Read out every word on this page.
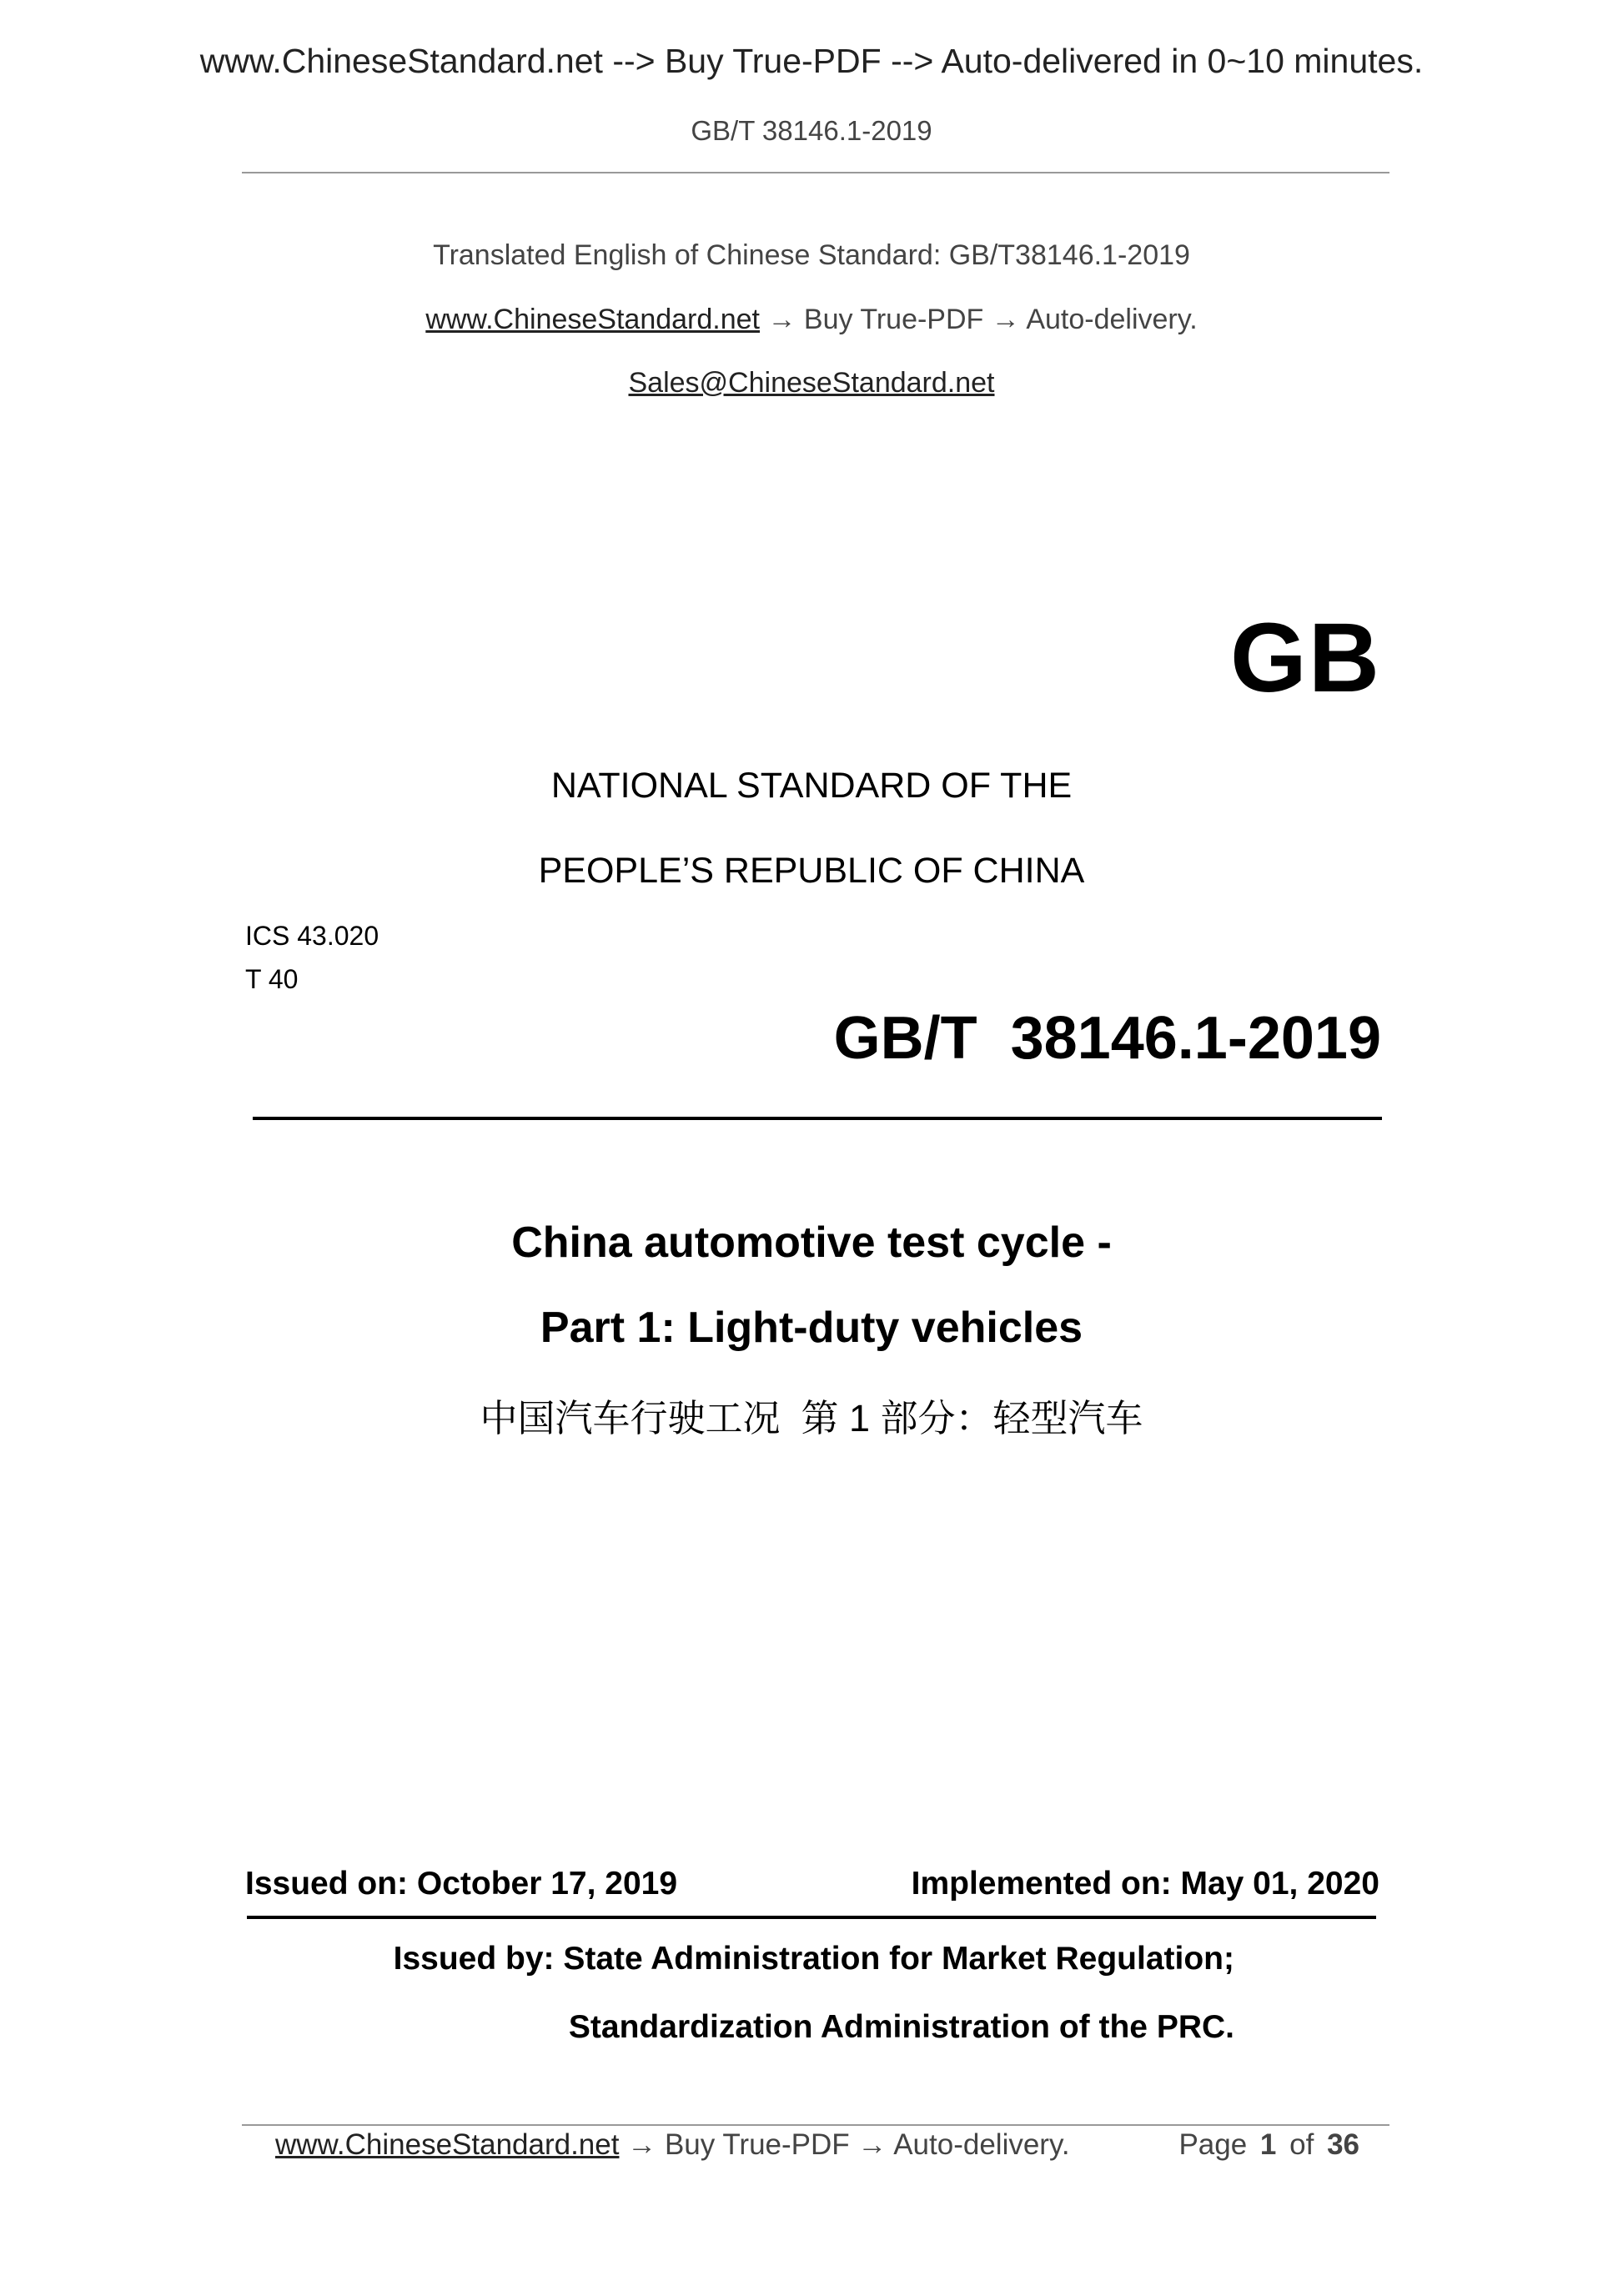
www.ChineseStandard.net --> Buy True-PDF --> Auto-delivered in 0~10 minutes.
GB/T 38146.1-2019
Translated English of Chinese Standard: GB/T38146.1-2019
www.ChineseStandard.net → Buy True-PDF → Auto-delivery.
Sales@ChineseStandard.net
GB
NATIONAL STANDARD OF THE
PEOPLE’S REPUBLIC OF CHINA
ICS 43.020
T 40
GB/T  38146.1-2019
China automotive test cycle -
Part 1: Light-duty vehicles
中国汽车行驶工况  第 1 部分：轻型汽车
Issued on: October 17, 2019	Implemented on: May 01, 2020
Issued by: State Administration for Market Regulation;
Standardization Administration of the PRC.
www.ChineseStandard.net → Buy True-PDF → Auto-delivery.	Page 1 of 36
